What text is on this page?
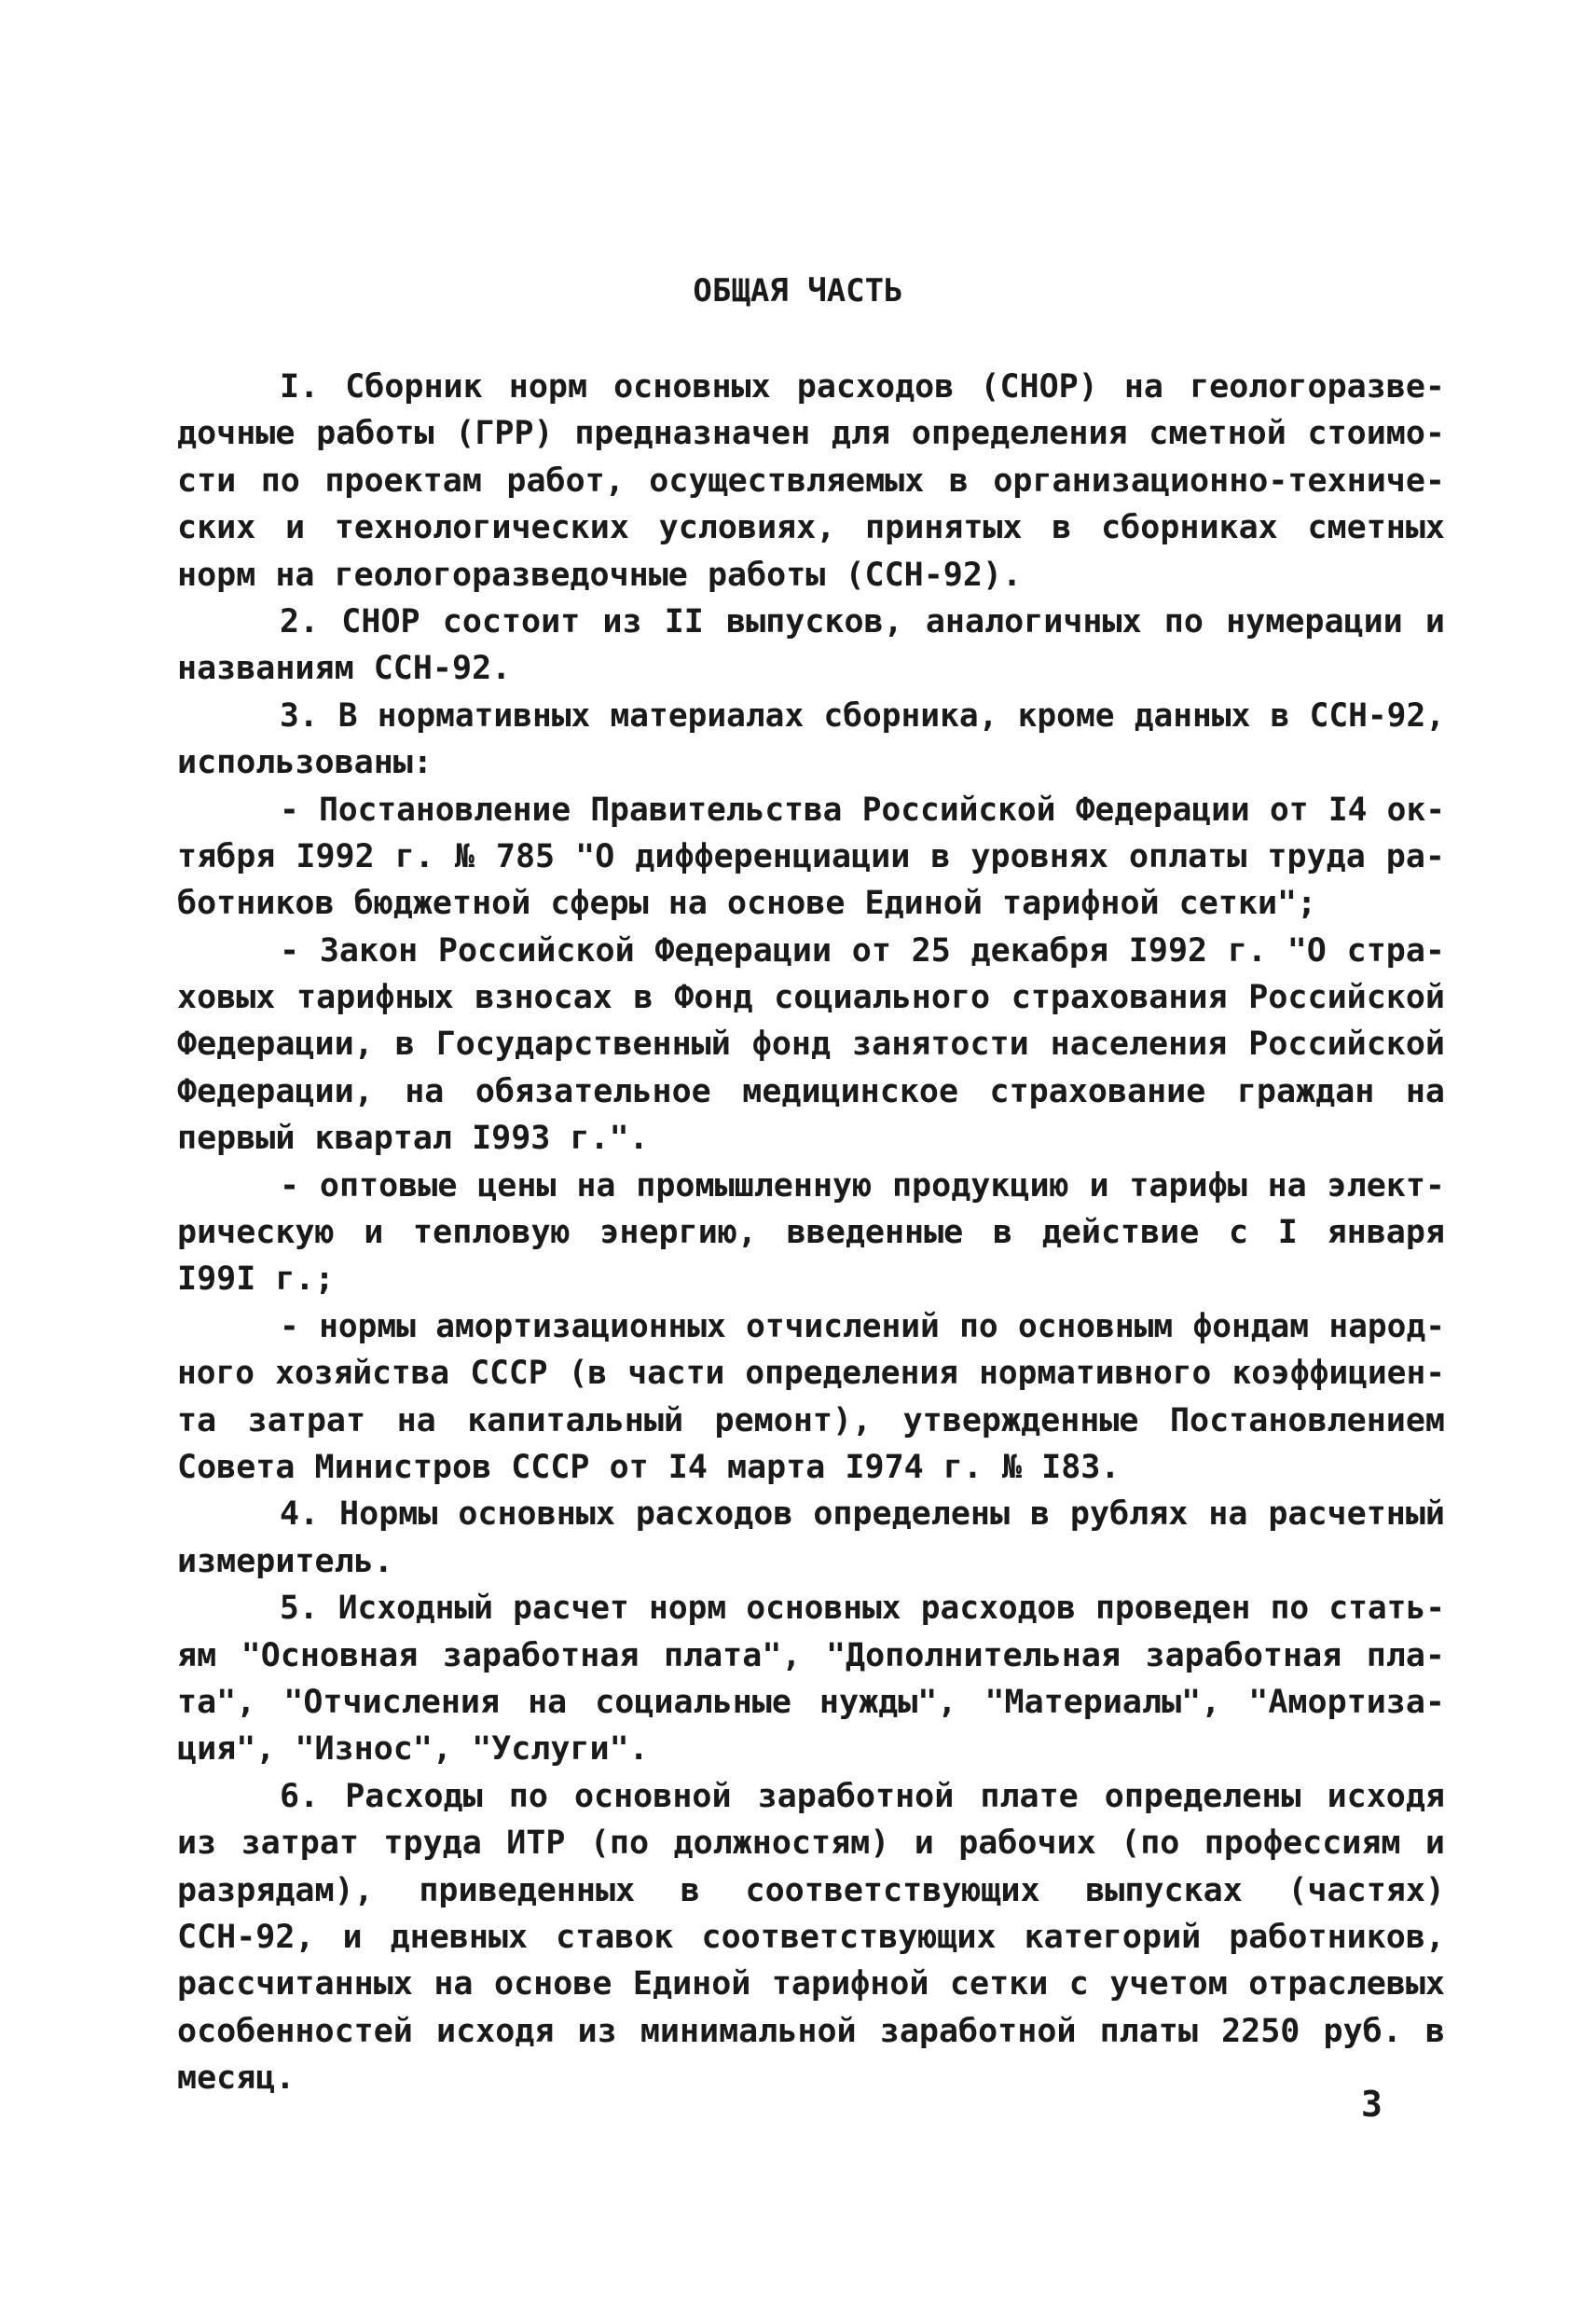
ОБЩАЯ ЧАСТЬ
I. Сборник норм основных расходов (СНОР) на геологоразве-
дочные работы (ГРР) предназначен для определения сметной стоимо-
сти по проектам работ, осуществляемых в организационно-техниче-
ских и технологических условиях, принятых в сборниках сметных
норм на геологоразведочные работы (ССН-92).
2. СНОР состоит из II выпусков, аналогичных по нумерации и
названиям ССН-92.
3. В нормативных материалах сборника, кроме данных в ССН-92,
использованы:
- Постановление Правительства Российской Федерации от I4 ок-
тября I992 г. № 785 "О дифференциации в уровнях оплаты труда ра-
ботников бюджетной сферы на основе Единой тарифной сетки";
- Закон Российской Федерации от 25 декабря I992 г. "О стра-
ховых тарифных взносах в Фонд социального страхования Российской
Федерации, в Государственный фонд занятости населения Российской
Федерации, на обязательное медицинское страхование граждан на
первый квартал I993 г.".
- оптовые цены на промышленную продукцию и тарифы на элект-
рическую и тепловую энергию, введенные в действие с I января
I99I г.;
- нормы амортизационных отчислений по основным фондам народ-
ного хозяйства СССР (в части определения нормативного коэффициен-
та затрат на капитальный ремонт), утвержденные Постановлением
Совета Министров СССР от I4 марта I974 г. № I83.
4. Нормы основных расходов определены в рублях на расчетный
измеритель.
5. Исходный расчет норм основных расходов проведен по стать-
ям "Основная заработная плата", "Дополнительная заработная пла-
та", "Отчисления на социальные нужды", "Материалы", "Амортиза-
ция", "Износ", "Услуги".
6. Расходы по основной заработной плате определены исходя
из затрат труда ИТР (по должностям) и рабочих (по профессиям и
разрядам), приведенных в соответствующих выпусках (частях)
ССН-92, и дневных ставок соответствующих категорий работников,
рассчитанных на основе Единой тарифной сетки с учетом отраслевых
особенностей исходя из минимальной заработной платы 2250 руб. в
месяц.
3
